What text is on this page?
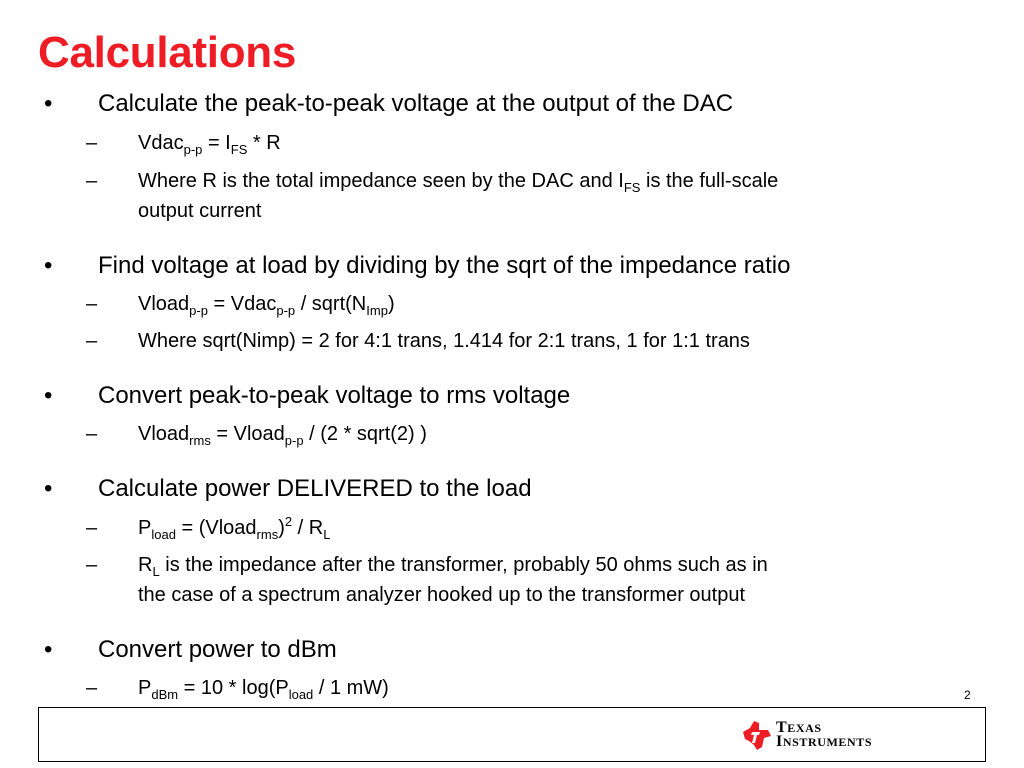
Calculations
• Calculate the peak-to-peak voltage at the output of the DAC
– Vdac$_{p-p}$ = $I_{FS}$ * R
– Where R is the total impedance seen by the DAC and $I_{FS}$ is the full-scale
output current
• Find voltage at load by dividing by the sqrt of the impedance ratio
– Vload$_{p-p}$ = Vdac$_{p-p}$ / $sqrt(N_{Imp})$
– Where sqrt(Nimp) = 2 for 4:1 trans, 1.414 for 2:1 trans, 1 for 1:1 trans
• Convert peak-to-peak voltage to rms voltage
– Vload$_{rms}$ = Vload$_{p-p}$ / (2 * sqrt(2) )
• Calculate power DELIVERED to the load
– $P_{load}$ = (Vload$_{rms}$)$^2$ / $R_L$
– $R_L$ is the impedance after the transformer, probably 50 ohms such as in
the case of a spectrum analyzer hooked up to the transformer output
• Convert power to dBm
– $P_{dBm} = 10 * \log(P_{load} / 1$ mW)	2
TEXAS
INSTRUMENTS
